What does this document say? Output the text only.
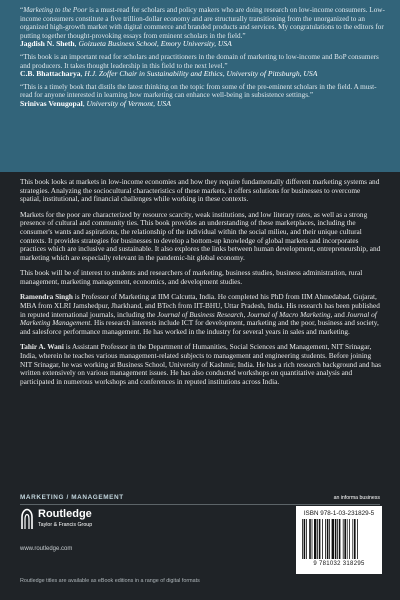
“Marketing to the Poor is a must-read for scholars and policy makers who are doing research on low-income consumers. Low-income consumers constitute a five trillion-dollar economy and are structurally transitioning from the unorganized to an organized high-growth market with digital commerce and branded products and services. My congratulations to the editors for putting together thought-provoking essays from eminent scholars in the field.”
Jagdish N. Sheth, Goizueta Business School, Emory University, USA
“This book is an important read for scholars and practitioners in the domain of marketing to low-income and BoP consumers and producers. It takes thought leadership in this field to the next level.”
C.B. Bhattacharya, H.J. Zoffer Chair in Sustainability and Ethics, University of Pittsburgh, USA
“This is a timely book that distils the latest thinking on the topic from some of the pre-eminent scholars in the field. A must-read for anyone interested in learning how marketing can enhance well-being in subsistence settings.”
Srinivas Venugopal, University of Vermont, USA

This book looks at markets in low-income economies and how they require fundamentally different marketing systems and strategies. Analyzing the sociocultural characteristics of these markets, it offers solutions for businesses to overcome spatial, institutional, and financial challenges while working in these contexts.

Markets for the poor are characterized by resource scarcity, weak institutions, and low literary rates, as well as a strong presence of cultural and community ties. This book provides an understanding of these marketplaces, including the consumer's wants and aspirations, the relationship of the individual within the social milieu, and their unique cultural contexts. It provides strategies for businesses to develop a bottom-up knowledge of global markets and incorporates practices which are inclusive and sustainable. It also explores the links between human development, entrepreneurship, and marketing which are especially relevant in the pandemic-hit global economy.

This book will be of interest to students and researchers of marketing, business studies, business administration, rural management, marketing management, economics, and development studies.

Ramendra Singh is Professor of Marketing at IIM Calcutta, India. He completed his PhD from IIM Ahmedabad, Gujarat, MBA from XLRI Jamshedpur, Jharkhand, and BTech from IIT-BHU, Uttar Pradesh, India. His research has been published in reputed international journals, including the Journal of Business Research, Journal of Macro Marketing, and Journal of Marketing Management. His research interests include ICT for development, marketing and the poor, business and society, and salesforce performance management. He has worked in the industry for several years in sales and marketing.

Tahir A. Wani is Assistant Professor in the Department of Humanities, Social Sciences and Management, NIT Srinagar, India, wherein he teaches various management-related subjects to management and engineering students. Before joining NIT Srinagar, he was working at Business School, University of Kashmir, India. He has a rich research background and has written extensively on various management issues. He has also conducted workshops on quantitative analysis and participated in numerous workshops and conferences in reputed institutions across India.

MARKETING / MANAGEMENT
Routledge
Taylor & Francis Group
www.routledge.com
an informa business
ISBN 978-1-03-231829-5
9 781032 318295
Routledge titles are available as eBook editions in a range of digital formats
